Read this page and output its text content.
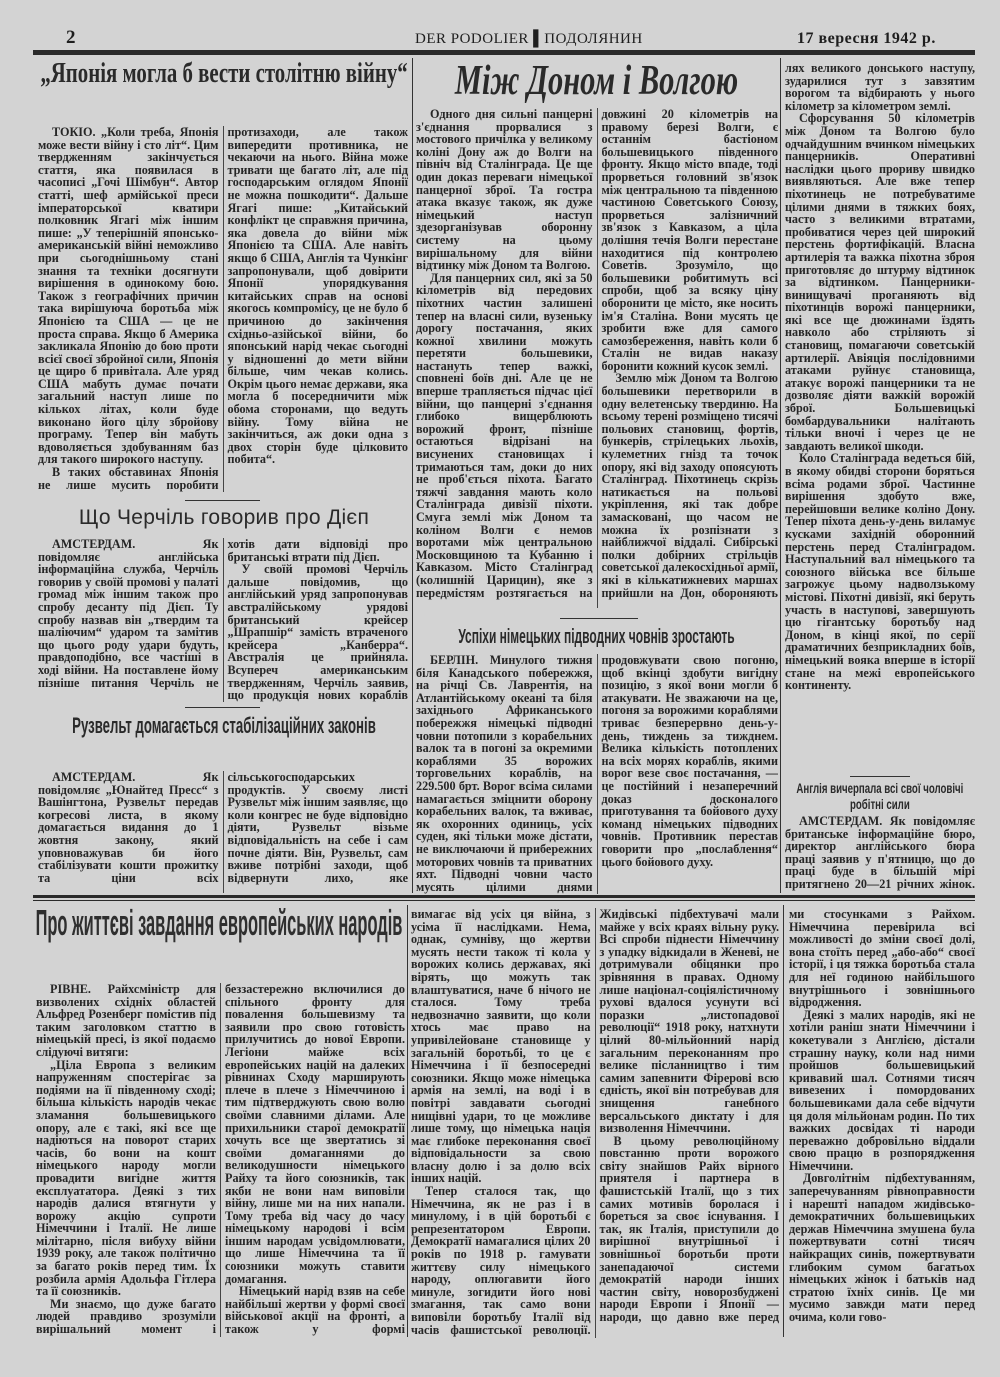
2	DER PODOLIER ▌ПОДОЛЯНИН	17 вересня 1942 р.
„Японія могла б вести столітню війну“

ТОКІО. „Коли треба, Японія може вести війну і сто літ“. Цим твердженням закінчується стаття, яка появилася в часописі „Гочі Шімбун“. Автор статті, шеф армійської преси імператорської кватири полковник Ягагі між іншим пише: „У теперішній японсько-американській війні неможливо при сьогоднішньому стані знання та техніки досягнути вирішення в одинокому бою. Також з географічних причин така вирішуюча боротьба між Японією та США — це не проста справа. Якщо б Америка закликала Японію до бою проти всієї своєї збройної сили, Японія це щиро б привітала. Але уряд США мабуть думає почати загальний наступ лише по кількох літах, коли буде виконано його цілу збройову програму. Тепер він мабуть вдоволяється здобуванням баз для такого широкого наступу.

В таких обставинах Японія не лише мусить поробити протизаходи, але також випередити противника, не чекаючи на нього. Війна може тривати ще багато літ, але під господарським оглядом Японії не можна пошкодити“. Дальше Ягагі пише: „Китайський конфлікт це справжня причина, яка довела до війни між Японією та США. Але навіть якщо б США, Англія та Чункінг запропонували, щоб довірити Японії упорядкування китайських справ на основі якогось компромісу, це не було б причиною до закінчення східньо-азійської війни, бо японський нарід чекає сьогодні у відношенні до мети війни більше, чим чекав колись. Окрім цього немає держави, яка могла б посередничити між обома сторонами, що ведуть війну. Тому війна не закінчиться, аж доки одна з двох сторін буде цілковито побита“.

Що Черчіль говорив про Дієп

АМСТЕРДАМ. Як повідомляє англійська інформаційна служба, Черчіль говорив у своїй промові у палаті громад між іншим також про спробу десанту під Дієп. Ту спробу назвав він „твердим та шаліючим“ ударом та замітив що цього роду удари будуть, правдоподібно, все частіші в ході війни. На поставлене йому пізніше питання Черчіль не хотів дати відповіді про британські втрати під Дієп.

У своїй промові Черчіль дальше повідомив, що англійський уряд запропонував австралійському урядові британський крейсер „Шрапшір“ замість втраченого крейсера „Канберра“. Австралія це прийняла. Всупереч американським твердженням, Черчіль заявив, що продукція нових кораблів

Рузвельт домагається стабілізаційних законів

АМСТЕРДАМ. Як повідомляє „Юнайтед Пресс“ з Вашінгтона, Рузвельт передав когресові листа, в якому домагається видання до 1 жовтня закону, який уповноважував би його стабілізувати кошти прожитку та ціни всіх сільськогосподарських продуктів. У своєму листі Рузвельт між іншим заявляє, що коли конгрес не буде відповідно діяти, Рузвельт візьме відповідальність на себе і сам почне діяти. Він, Рузвельт, сам вживе потрібні заходи, щоб відвернути лихо, яке

Між Доном і Волгою

Одного дня сильні панцерні з'єднання прорвалися з мостового причілка у великому коліні Дону аж до Волги на північ від Сталінграда. Це ще один доказ переваги німецької панцерної зброї. Та гостра атака вказує також, як дуже німецький наступ здезорганізував оборонну систему на цьому вирішальному для війни відтинку між Доном та Волгою.

Для панцерних сил, які за 50 кілометрів від передових піхотних частин залишені тепер на власні сили, вузеньку дорогу постачання, яких кожної хвилини можуть перетяти большевики, настануть тепер важкі, сповнені боїв дні. Але це не вперше трапляється підчас цієї війни, що панцерні з'єднання глибоко вищерблюють ворожий фронт, пізніше остаються відрізані на висунених становищах і тримаються там, доки до них не проб'ється піхота. Багато тяжчі завдання мають коло Сталінграда дивізії піхоти. Смуга землі між Доном та коліном Волги є немов воротами між центральною Московщиною та Кубанню і Кавказом. Місто Сталінград (колишній Царицин), яке з передмістям розтягається на довжині 20 кілометрів на правому березі Волги, є останнім бастіоном большевицького південного фронту. Якщо місто впаде, тоді прорветься головний зв'язок між центральною та південною частиною Советського Союзу, прорветься залізничний зв'язок з Кавказом, а ціла долішня течія Волги перестане находитися під контролею Советів. Зрозуміло, що большевики робитимуть всі спроби, щоб за всяку ціну оборонити це місто, яке носить ім'я Сталіна. Вони мусять це зробити вже для самого самозбереження, навіть коли б Сталін не видав наказу боронити кожний кусок землі.

Землю між Доном та Волгою большевики перетворили в одну велетенську твердиню. На всьому терені розміщено тисячі польових становищ, фортів, бункерів, стрілецьких льохів, кулеметних гнізд та точок опору, які від заходу опоясують Сталінград. Піхотинець скрізь натикається на польові укріплення, які так добре замасковані, що часом не можна їх розпізнати з найближчої віддалі. Сибірські полки добірних стрільців советської далекосхідньої армії, які в кількатижневих маршах прийшли на Дон, обороняють

Успіхи німецьких підводних човнів зростають

БЕРЛІН. Минулого тижня біля Канадського побережжя, на річці Св. Лаврентія, на Атлантійському океані та біля західнього Африканського побережжя німецькі підводні човни потопили з корабельних валок та в погоні за окремими кораблями 35 ворожих торговельних кораблів, на 229.500 брт. Ворог всіма силами намагається зміцнити оборону корабельних валок, та вживає, як охоронних одиниць, усіх суден, які тільки може дістати, не виключаючи й прибережних моторових човнів та приватних яхт. Підводні човни часто мусять цілими днями продовжувати свою погоню, щоб вкінці здобути вигідну позицію, з якої вони могли б атакувати. Не зважаючи на це, погоня за ворожими кораблями триває безперервно день-у-день, тиждень за тижднем. Велика кількість потоплених на всіх морях кораблів, якими ворог везе своє постачання, — це постійний і незаперечний доказ досконалого приготування та бойового духу команд німецьких підводних човнів. Противник перестав говорити про „послаблення“ цього бойового духу.

лях великого донського наступу, зударилися тут з завзятим ворогом та відбирають у нього кілометр за кілометром землі.

Сфорсування 50 кілометрів між Доном та Волгою було одчайдушним вчинком німецьких панцерників. Оперативні наслідки цього прориву швидко виявляються. Але вже тепер піхотинець не потребуватиме цілими днями в тяжких боях, часто з великими втратами, пробиватися через цей широкий перстень фортифікацій. Власна артилерія та важка піхотна зброя приготовляє до штурму відтинок за відтинком. Панцерники-винищувачі проганяють від піхотинців ворожі панцерники, які все ще дюжинами їздять навколо або стріляють зі становищ, помагаючи советській артилерії. Авіяція послідовними атаками руйнує становища, атакує ворожі панцерники та не дозволяє діяти важкій ворожій зброї. Большевицькі бомбардувальники налітають тільки вночі і через це не завдають великої шкоди.

Коло Сталінграда ведеться бій, в якому обидві сторони боряться всіма родами зброї. Частинне вирішення здобуто вже, перейшовши велике коліно Дону. Тепер піхота день-у-день виламує кусками західній оборонний перстень перед Сталінградом. Наступальний вал німецького та союзного війська все більше загрожує цьому надволзькому містові. Піхотні дивізії, які беруть участь в наступові, завершують цю гігантську боротьбу над Доном, в кінці якої, по серії драматичних безприкладних боїв, німецький вояка вперше в історії стане на межі европейського континенту.

Англія вичерпала всі свої чоловічі робітні сили

АМСТЕРДАМ. Як повідомляє британське інформаційне бюро, директор англійського бюра праці заявив у п'ятницю, що до праці буде в більшій мірі притягнено 20—21 річних жінок.

Про життєві завдання европейських народів

РІВНЕ. Райхсміністр для визволених східніх областей Альфред Розенберг помістив під таким заголовком статтю в німецькій пресі, із якої подаємо слідуючі витяги:

„Ціла Европа з великим напруженням спостерігає за подіями на її південному сході; більша кількість народів чекає зламання большевицького опору, але є такі, які все ще надіються на поворот старих часів, бо вони на кошт німецького народу могли провадити вигідне життя експлуататора. Деякі з тих народів далися втягнути у ворожу акцію супроти Німеччини і Італії. Не лише мілітарно, після вибуху війни 1939 року, але також політично за багато років перед тим. Їх розбила армія Адольфа Гітлера та її союзників.

Ми знаємо, що дуже багато людей правдиво зрозуміли вирішальний момент і беззастережно включилися до спільного фронту для повалення большевизму та заявили про свою готовість прилучитись до нової Европи. Легіони майже всіх европейських націй на далеких рівнинах Сходу марширують плече в плече з Німеччиною і тим підтверджують свою волю своїми славними ділами. Але прихильники старої демократії хочуть все ще звертатись зі своїми домаганнями до великодушности німецького Райху та його союзників, так якби не вони нам виповіли війну, лише ми на них напали. Тому треба від часу до часу німецькому народові і всім іншим народам усвідомлювати, що лише Німеччина та її союзники можуть ставити домагання.

Німецький нарід взяв на себе найбільші жертви у формі своєї військової акції на фронті, а також у формі

вимагає від усіх ця війна, з усіма її наслідками. Нема, однак, сумніву, що жертви мусять нести також ті кола у ворожих колись державах, які вірять, що можуть так влаштуватися, наче б нічого не сталося. Тому треба недвозначно заявити, що коли хтось має право на упривілейоване становище у загальній боротьбі, то це є Німеччина і її безпосередні союзники. Якщо може німецька армія на землі, на воді і в повітрі завдавати сьогодні нищівні удари, то це можливе лише тому, що німецька нація має глибоке переконання своєї відповідальности за свою власну долю і за долю всіх інших націй.

Тепер сталося так, що Німеччина, як не раз і в минулому, і в цій боротьбі є репрезентатором Европи. Демократії намагалися цілих 20 років по 1918 р. гамувати життєву силу німецького народу, оплюгавити його минуле, зогидити його нові змагання, так само вони виповіли боротьбу Італії від часів фашистської революції. Жидівські підбехтувачі мали майже у всіх краях вільну руку. Всі спроби піднести Німеччину з упадку відкидали в Женеві, не дотримували обіцянки про зрівняння в правах. Одному лише націонал-соціялістичному рухові вдалося усунути всі поразки „листопадової революції“ 1918 року, натхнути цілий 80-мільйонний нарід загальним переконанням про велике післанництво і тим самим запевнити Фірерові всю єдність, якої він потребував для знищення ганебного версальського диктату і для визволення Німеччини.

В цьому революційному повстанню проти ворожого світу знайшов Райх вірного приятеля і партнера в фашистській Італії, що з тих самих мотивів боролася і бореться за своє існування. І так, як Італія, приступили до вирішної внутрішньої і зовнішньої боротьби проти занепадаючої системи демократій народи інших частин світу, новорозбуджені народи Европи і Японії — народи, що давно вже перед

ми стосунками з Райхом. Німеччина перевірила всі можливості до зміни своєї долі, вона стоїть перед „або-або“ своєї історії, і ця тяжка боротьба стала для неї годиною найбільшого внутрішнього і зовнішнього відродження.

Деякі з малих народів, які не хотіли раніш знати Німеччини і кокетували з Англією, дістали страшну науку, коли над ними пройшов большевицький кривавий шал. Сотнями тисяч вивезених і помордованих большевиками дала себе відчути ця доля мільйонам родин. По тих важких досвідах ті народи переважно добровільно віддали свою працю в розпорядження Німеччини.

Довголітнім підбехтуванням, заперечуванням рівноправности і нарешті нападом жидівсько-демократичних большевицьких держав Німеччина змушена була пожертвувати сотні тисяч найкращих синів, пожертвувати глибоким сумом багатьох німецьких жінок і батьків над стратою їхніх синів. Це ми мусимо завжди мати перед очима, коли гово-
